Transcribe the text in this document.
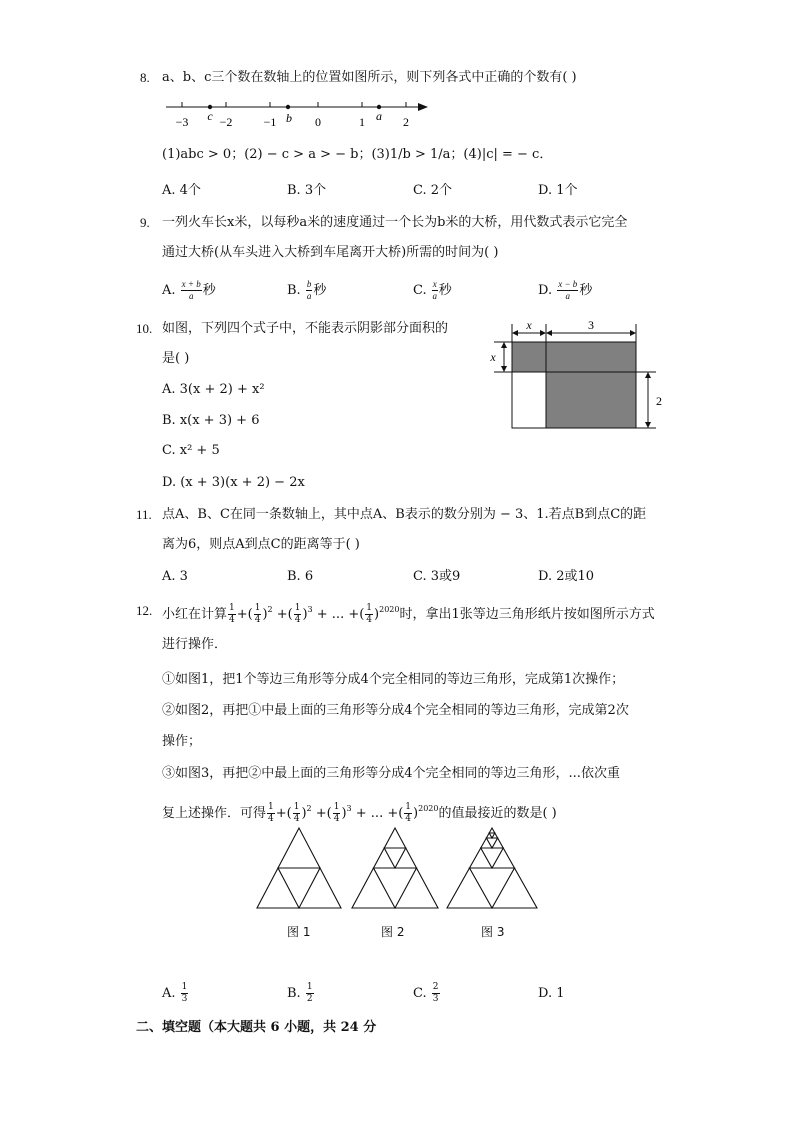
8. a、b、c三个数在数轴上的位置如图所示，则下列各式中正确的个数有( )
−3	−2	−1	0	1	2
c	b	a
(1)abc > 0；(2) − c > a > − b；(3)1/b > 1/a；(4)|c| = − c．
A. 4个	B. 3个	C. 2个	D. 1个
9. 一列火车长x米，以每秒a米的速度通过一个长为b米的大桥，用代数式表示它完全
通过大桥(从车头进入大桥到车尾离开大桥)所需的时间为( )
A. $\frac{x + b}{a}$ 秒	B. $\frac{b}{a}$ 秒	C. $\frac{x}{a}$ 秒	D. $\frac{x - b}{a}$ 秒
10. 如图，下列四个式子中，不能表示阴影部分面积的
是( )
A. 3(x + 2) + x²
B. x(x + 3) + 6
C. x² + 5
D. (x + 3)(x + 2) − 2x
x	3
x
2
11. 点A、B、C在同一条数轴上，其中点A、B表示的数分别为 − 3、1.若点B到点C的距
离为6，则点A到点C的距离等于( )
A. 3	B. 6	C. 3或9	D. 2或10
12. 小红在计算 $\frac{1}{4}$ +( $\frac{1}{4} )^2$ +( $\frac{1}{4} )^3$ + ... +( $\frac{1}{4} )^{2020}$时，拿出1张等边三角形纸片按如图所示方式
进行操作．
①如图1，把1个等边三角形等分成4个完全相同的等边三角形，完成第1次操作；
②如图2，再把①中最上面的三角形等分成4个完全相同的等边三角形，完成第2次
操作；
③如图3，再把②中最上面的三角形等分成4个完全相同的等边三角形，...依次重
复上述操作．可得 $\frac{1}{4}$ +( $\frac{1}{4} )^2$ +( $\frac{1}{4} )^3$ + ... +( $\frac{1}{4} )^{2020}$的值最接近的数是( )
图 1	图 2	图 3
A. $\frac{1}{3}$	B. $\frac{1}{2}$	C. $\frac{2}{3}$	D. 1
二、填空题（本大题共 6 小题，共 24 分
